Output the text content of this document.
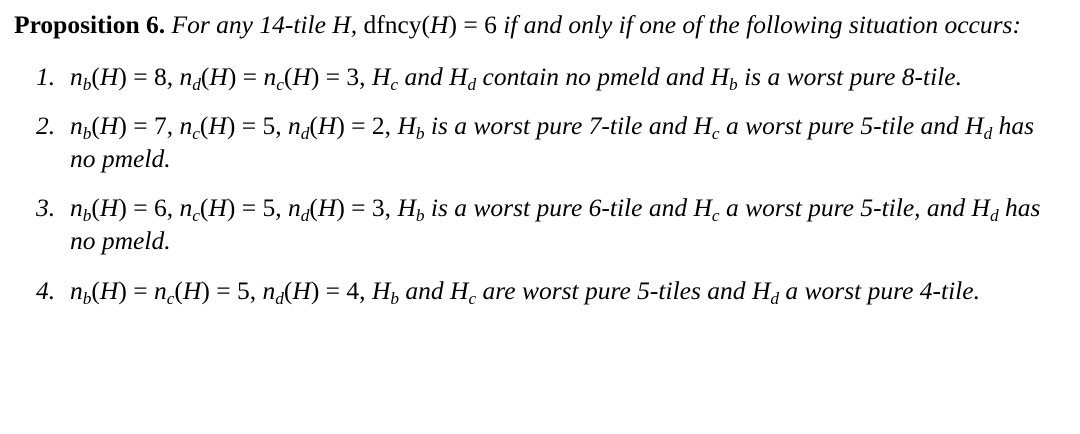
Proposition 6. For any 14-tile H, dfncy(H) = 6 if and only if one of the following situation occurs:
1. $n_b(H) = 8$, $n_d(H) = n_c(H) = 3$, $H_c$ and $H_d$ contain no pmeld and $H_b$ is a worst pure 8-tile.
2. $n_b(H) = 7$, $n_c(H) = 5$, $n_d(H) = 2$, $H_b$ is a worst pure 7-tile and $H_c$ a worst pure 5-tile and $H_d$ has no pmeld.
3. $n_b(H) = 6$, $n_c(H) = 5$, $n_d(H) = 3$, $H_b$ is a worst pure 6-tile and $H_c$ a worst pure 5-tile, and $H_d$ has no pmeld.
4. $n_b(H) = n_c(H) = 5$, $n_d(H) = 4$, $H_b$ and $H_c$ are worst pure 5-tiles and $H_d$ a worst pure 4-tile.
